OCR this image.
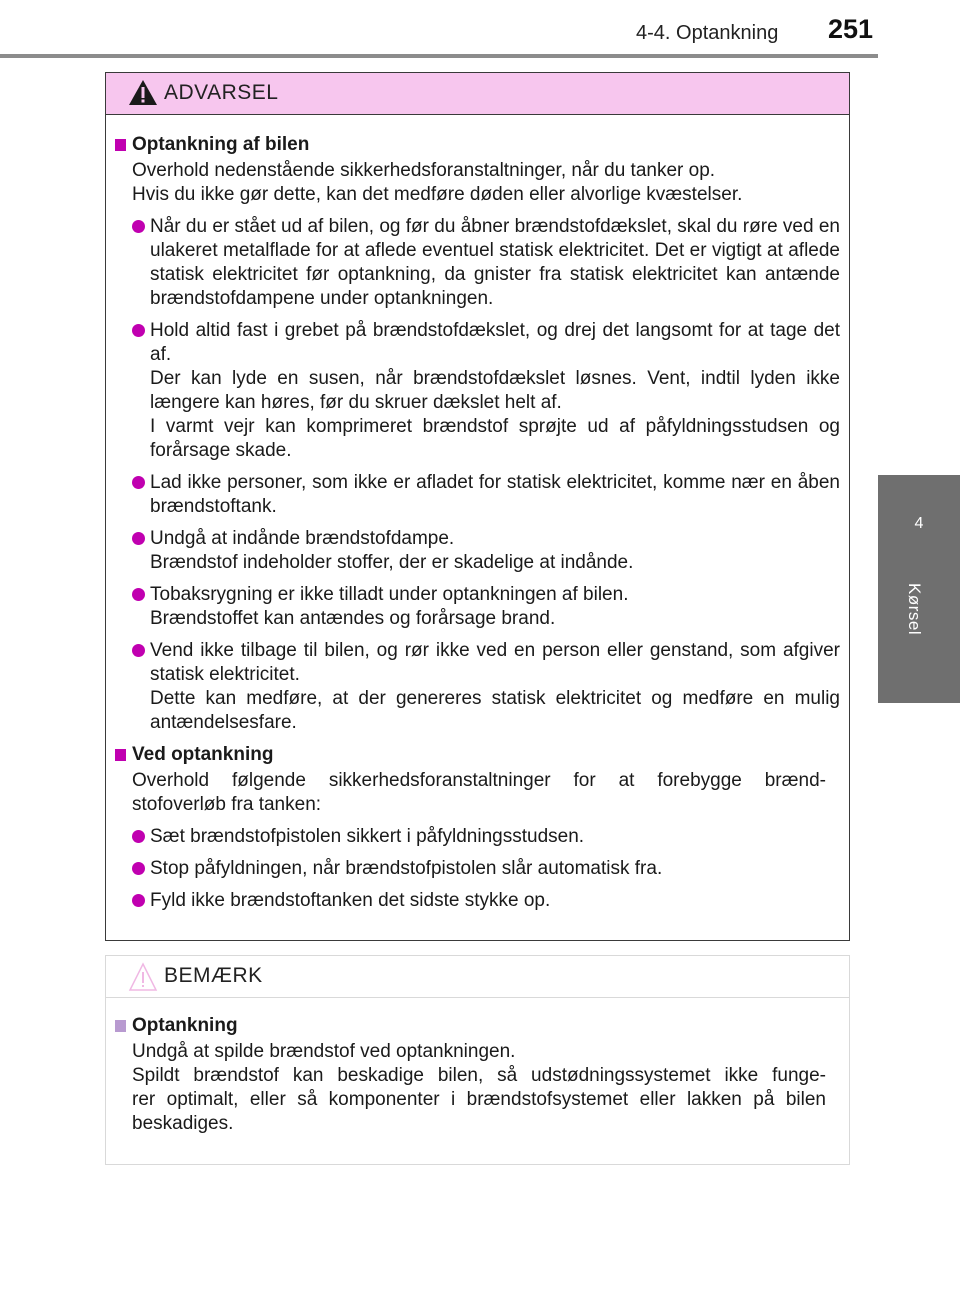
4-4. Optankning 251
4
Kørsel
ADVARSEL
Optankning af bilen
Overhold nedenstående sikkerhedsforanstaltninger, når du tanker op.
Hvis du ikke gør dette, kan det medføre døden eller alvorlige kvæstelser.
Når du er stået ud af bilen, og før du åbner brændstofdækslet, skal du røre ved en ulakeret metalflade for at aflede eventuel statisk elektricitet. Det er vigtigt at aflede statisk elektricitet før optankning, da gnister fra statisk elektricitet kan antænde brændstofdampene under optankningen.
Hold altid fast i grebet på brændstofdækslet, og drej det langsomt for at tage det af.
Der kan lyde en susen, når brændstofdækslet løsnes. Vent, indtil lyden ikke længere kan høres, før du skruer dækslet helt af.
I varmt vejr kan komprimeret brændstof sprøjte ud af påfyldningsstudsen og forårsage skade.
Lad ikke personer, som ikke er afladet for statisk elektricitet, komme nær en åben brændstoftank.
Undgå at indånde brændstofdampe.
Brændstof indeholder stoffer, der er skadelige at indånde.
Tobaksrygning er ikke tilladt under optankningen af bilen.
Brændstoffet kan antændes og forårsage brand.
Vend ikke tilbage til bilen, og rør ikke ved en person eller genstand, som afgiver statisk elektricitet.
Dette kan medføre, at der genereres statisk elektricitet og medføre en mulig antændelsesfare.
Ved optankning
Overhold følgende sikkerhedsforanstaltninger for at forebygge brænd-
stofoverløb fra tanken:
Sæt brændstofpistolen sikkert i påfyldningsstudsen.
Stop påfyldningen, når brændstofpistolen slår automatisk fra.
Fyld ikke brændstoftanken det sidste stykke op.
BEMÆRK
Optankning
Undgå at spilde brændstof ved optankningen.
Spildt brændstof kan beskadige bilen, så udstødningssystemet ikke funge-
rer optimalt, eller så komponenter i brændstofsystemet eller lakken på bilen
beskadiges.
